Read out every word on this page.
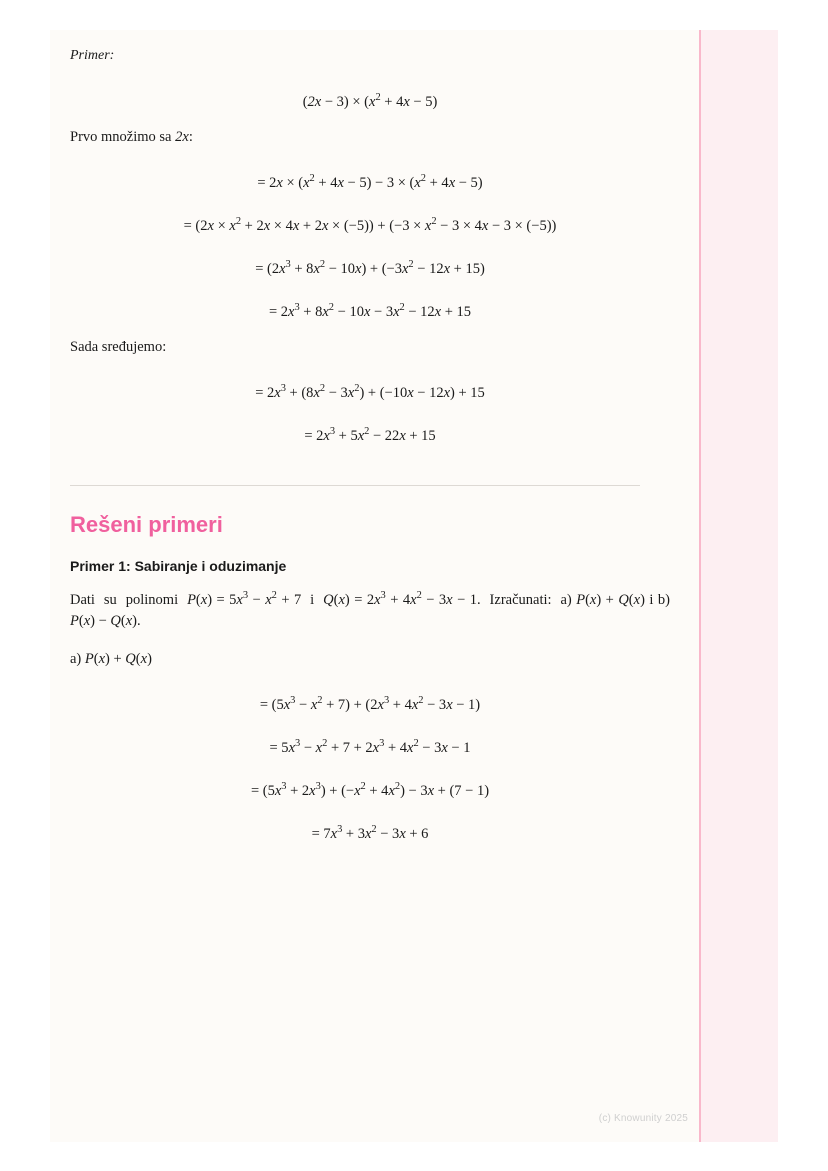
Primer:
$(2x - 3) \times (x^2 + 4x - 5)$
Prvo množimo sa 2x:
= $2x \times (x^2 + 4x - 5) - 3 \times (x^2 + 4x - 5)$
= $(2x \times x^2 + 2x \times 4x + 2x \times (-5)) + (-3 \times x^2 - 3 \times 4x - 3 \times (-5))$
= $(2x^3 + 8x^2 - 10x) + (-3x^2 - 12x + 15)$
= $2x^3 + 8x^2 - 10x - 3x^2 - 12x + 15$
Sada sređujemo:
= $2x^3 + (8x^2 - 3x^2) + (-10x - 12x) + 15$
= $2x^3 + 5x^2 - 22x + 15$
Rešeni primeri
Primer 1: Sabiranje i oduzimanje
Dati  su  polinomi  $P(x) = 5x^3 - x^2 + 7$  i  $Q(x) = 2x^3 + 4x^2 - 3x - 1$.  Izračunati:  a) P(x) + Q(x) i b) P(x) − Q(x).
a) P(x) + Q(x)
= $(5x^3 - x^2 + 7) + (2x^3 + 4x^2 - 3x - 1)$
= $5x^3 - x^2 + 7 + 2x^3 + 4x^2 - 3x - 1$
= $(5x^3 + 2x^3) + (-x^2 + 4x^2) - 3x + (7 - 1)$
= $7x^3 + 3x^2 - 3x + 6$
(c) Knowunity 2025
